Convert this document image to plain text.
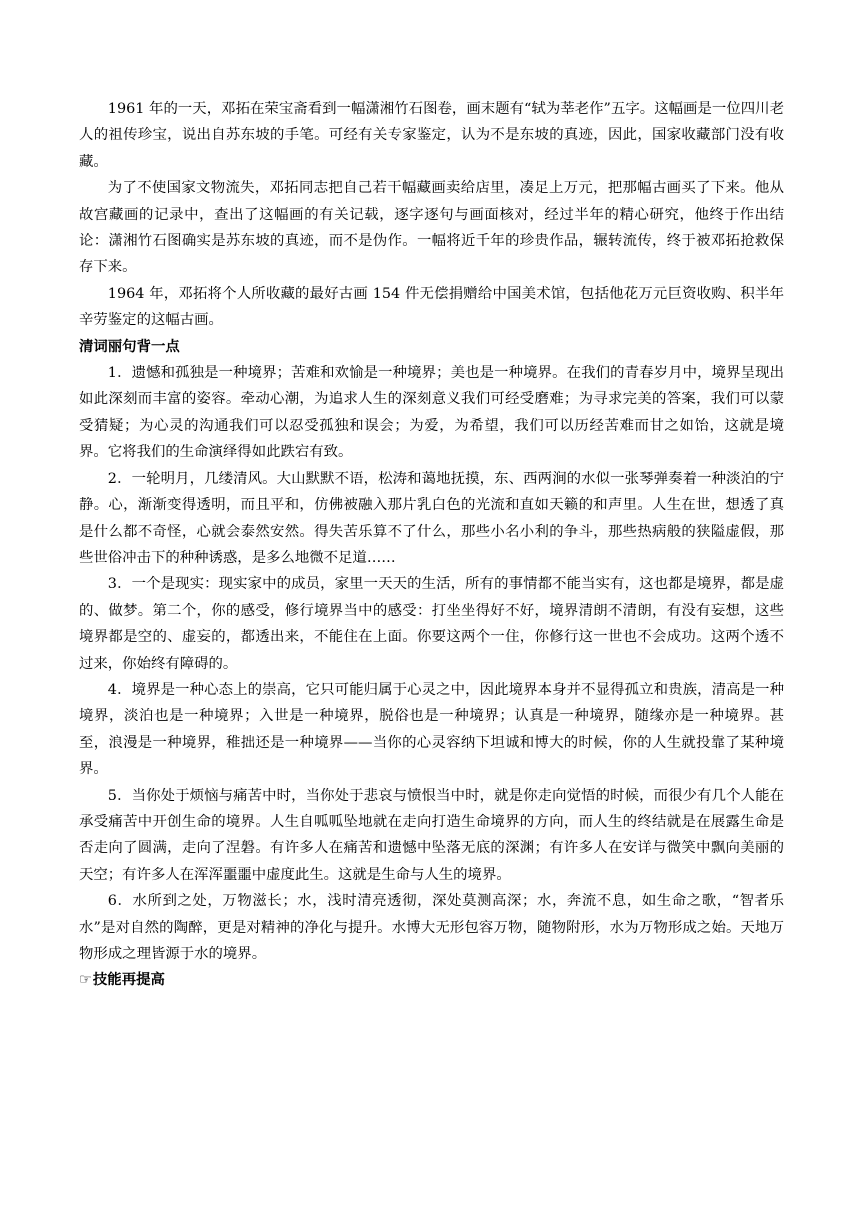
1961 年的一天，邓拓在荣宝斋看到一幅潇湘竹石图卷，画末题有“轼为莘老作”五字。这幅画是一位四川老人的祖传珍宝，说出自苏东坡的手笔。可经有关专家鉴定，认为不是东坡的真迹，因此，国家收藏部门没有收藏。

为了不使国家文物流失，邓拓同志把自己若干幅藏画卖给店里，凑足上万元，把那幅古画买了下来。他从故宫藏画的记录中，查出了这幅画的有关记载，逐字逐句与画面核对，经过半年的精心研究，他终于作出结论：潇湘竹石图确实是苏东坡的真迹，而不是伪作。一幅将近千年的珍贵作品，辗转流传，终于被邓拓抢救保存下来。

1964 年，邓拓将个人所收藏的最好古画 154 件无偿捐赠给中国美术馆，包括他花万元巨资收购、积半年辛劳鉴定的这幅古画。

清词丽句背一点

1．遗憾和孤独是一种境界；苦难和欢愉是一种境界；美也是一种境界。在我们的青春岁月中，境界呈现出如此深刻而丰富的姿容。牵动心潮，为追求人生的深刻意义我们可经受磨难；为寻求完美的答案，我们可以蒙受猜疑；为心灵的沟通我们可以忍受孤独和误会；为爱，为希望，我们可以历经苦难而甘之如饴，这就是境界。它将我们的生命演绎得如此跌宕有致。

2．一轮明月，几缕清风。大山默默不语，松涛和蔼地抚摸，东、西两涧的水似一张琴弹奏着一种淡泊的宁静。心，渐渐变得透明，而且平和，仿佛被融入那片乳白色的光流和直如天籁的和声里。人生在世，想透了真是什么都不奇怪，心就会泰然安然。得失苦乐算不了什么，那些小名小利的争斗，那些热病般的狭隘虚假，那些世俗冲击下的种种诱惑，是多么地微不足道……

3．一个是现实：现实家中的成员，家里一天天的生活，所有的事情都不能当实有，这也都是境界，都是虚的、做梦。第二个，你的感受，修行境界当中的感受：打坐坐得好不好，境界清朗不清朗，有没有妄想，这些境界都是空的、虚妄的，都透出来，不能住在上面。你要这两个一住，你修行这一世也不会成功。这两个透不过来，你始终有障碍的。

4．境界是一种心态上的崇高，它只可能归属于心灵之中，因此境界本身并不显得孤立和贵族，清高是一种境界，淡泊也是一种境界；入世是一种境界，脱俗也是一种境界；认真是一种境界，随缘亦是一种境界。甚至，浪漫是一种境界，稚拙还是一种境界——当你的心灵容纳下坦诚和博大的时候，你的人生就投靠了某种境界。

5．当你处于烦恼与痛苦中时，当你处于悲哀与愤恨当中时，就是你走向觉悟的时候，而很少有几个人能在承受痛苦中开创生命的境界。人生自呱呱坠地就在走向打造生命境界的方向，而人生的终结就是在展露生命是否走向了圆满，走向了涅磐。有许多人在痛苦和遗憾中坠落无底的深渊；有许多人在安详与微笑中飘向美丽的天空；有许多人在浑浑噩噩中虚度此生。这就是生命与人生的境界。

6．水所到之处，万物滋长；水，浅时清亮透彻，深处莫测高深；水，奔流不息，如生命之歌，“智者乐水”是对自然的陶醉，更是对精神的净化与提升。水博大无形包容万物，随物附形，水为万物形成之始。天地万物形成之理皆源于水的境界。

☞技能再提高
